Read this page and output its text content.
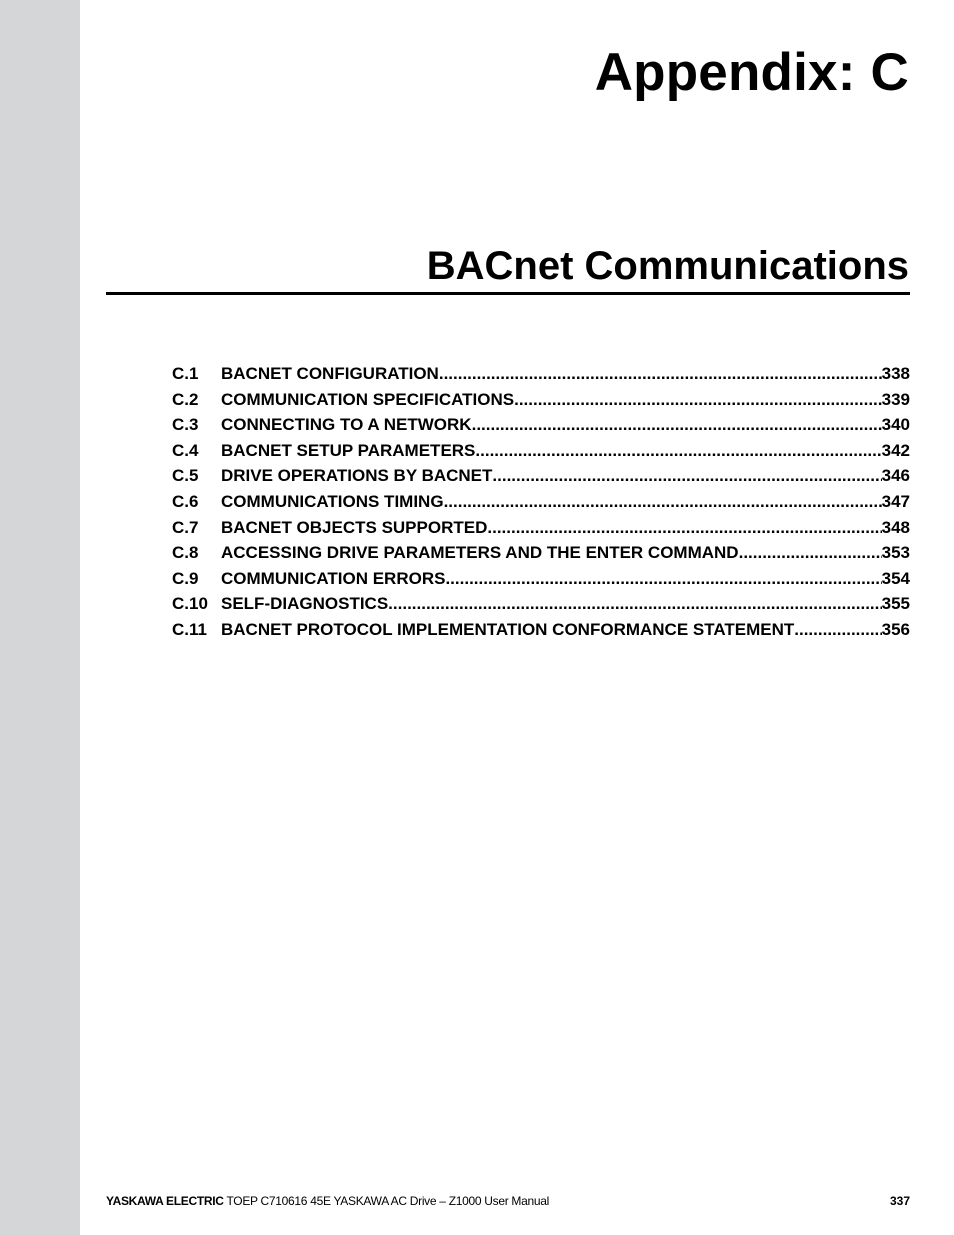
Appendix: C
BACnet Communications
C.1	BACNET CONFIGURATION .....	338
C.2	COMMUNICATION SPECIFICATIONS .....	339
C.3	CONNECTING TO A NETWORK .....	340
C.4	BACNET SETUP PARAMETERS .....	342
C.5	DRIVE OPERATIONS BY BACNET .....	346
C.6	COMMUNICATIONS TIMING .....	347
C.7	BACNET OBJECTS SUPPORTED .....	348
C.8	ACCESSING DRIVE PARAMETERS AND THE ENTER COMMAND .....	353
C.9	COMMUNICATION ERRORS .....	354
C.10 SELF-DIAGNOSTICS .....	355
C.11 BACNET PROTOCOL IMPLEMENTATION CONFORMANCE STATEMENT .....	356
YASKAWA ELECTRIC TOEP C710616 45E YASKAWA AC Drive – Z1000 User Manual	337
